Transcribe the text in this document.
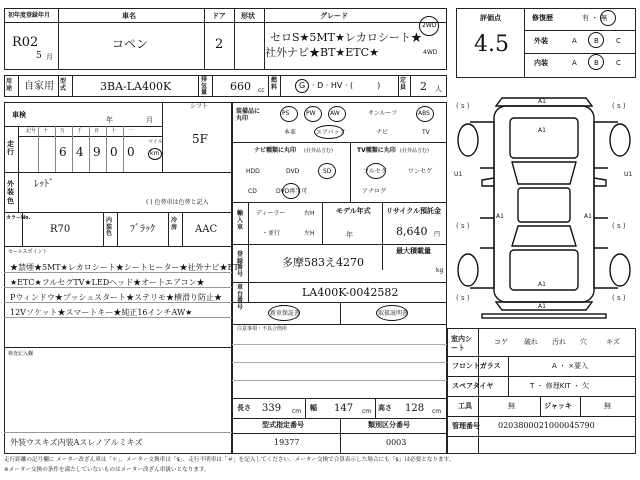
初年度登録年月
R02
5 月
車名
コペン
ドア
2
形状	グレード
セロS★5MT★レカロシート★
社外ナビ★BT★ETC★
2WD
4WD
用途 自家用 型式	3BA-LA400K
排気量 660 cc
燃料	G · D · HV · (　　　)
定員 2 人
車検
年	月
シフト
5F
走行
記号 十 万 千 百 十 一
6 4 9 0 0
マイル
km
外装色
ﾚｯﾄﾞ
( ) 色替車は色替と記入
カラーNo.
R70
内装色 ﾌﾞﾗｯｸ
冷房 AAC
セールスポイント
★禁煙★5MT★レカロシート★シートヒーター★社外ナビ★BT
★ETC★フルセグTV★LEDヘッド★オートエアコン★
Pウィンドウ★プッシュスタート★ステリモ★横滑り防止★
12Vソケット★スマートキー★純正16インチAW★
検査記入欄
外装ウスキズ内装Aスレノアルミキズ
装備品に丸印
PS	PW AW	サンルーフ	ABS
本革	エアバック	ナビ	TV
ナビ種類に丸印 (社外品含む)	TV種類に丸印 (社外品含む)
HDD	DVD	SD
CD	DVD再生可
フルセグ	ワンセグ
アナログ
輸入車
ディーラー
・並行
右H
左H
モデル年式
年
リサイクル預託金
8,640 円
最大積載量
kg
登録番号
多摩583え4270
車台番号
LA400K-0042582
新車保証書	取扱説明書
注意事項・不具合箇所
長さ 339 cm 幅 147 cm 高さ 128 cm
型式指定番号
19377
類別区分番号
0003
評価点
4.5
修復歴	有 ・ 無
外装	A B C
内装	A B C
A1
A1
U1	U1
A1	A1
A1
A1
( s )	( s )
( s )	( s )
( s )	( s )
室内シート
コゲ 破れ 汚れ 穴	キズ
フロントガラス	A ・ ×要入
スペアタイヤ	T ・ 修理KIT ・ 欠
工具	無	ジャッキ	無
管理番号 0203800021000045790
走行距離の記号欄に メーター改ざん車は「＊」、メーター交換車は「$」、走行不明車は「＃」を記入してください。メーター交換で合算表示した場合にも「$」は必要となります。
※メーター交換の条件を満たしていないものはメーター改ざん車扱いとなります。
